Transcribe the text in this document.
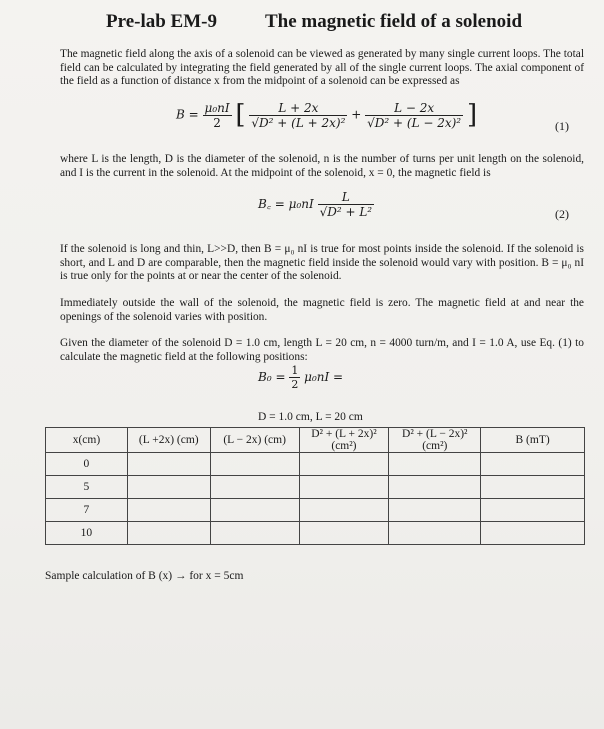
Pre-lab EM-9	The magnetic field of a solenoid
The magnetic field along the axis of a solenoid can be viewed as generated by many single current loops. The total field can be calculated by integrating the field generated by all of the single current loops. The axial component of the field as a function of distance x from the midpoint of a solenoid can be expressed as
$B = \frac{\text{μ₀nI}}{2}$ [ $\frac{L + 2x}{\text{√D² + (L + 2x)²}} + \frac{L - 2x}{\text{√D² + (L − 2x)²}}$ ]	(1)
where L is the length, D is the diameter of the solenoid, n is the number of turns per unit length on the solenoid, and I is the current in the solenoid. At the midpoint of the solenoid, x = 0, the magnetic field is
B꜀ = $\mu_0nI \frac{L}{\text{√D² + L²}}$	(2)
If the solenoid is long and thin, L>>D, then B = μ₀ nI is true for most points inside the solenoid. If the solenoid is short, and L and D are comparable, then the magnetic field inside the solenoid would vary with position. B = μ₀ nI is true only for the points at or near the center of the solenoid.
Immediately outside the wall of the solenoid, the magnetic field is zero. The magnetic field at and near the openings of the solenoid varies with position.
Given the diameter of the solenoid D = 1.0 cm, length L = 20 cm, n = 4000 turn/m, and I = 1.0 A, use Eq. (1) to calculate the magnetic field at the following positions:
$B_0 = \frac{1}{2} \mu_0nI$ =
D = 1.0 cm, L = 20 cm
x(cm)	(L +2x) (cm)	(L − 2x) (cm)	D² + (L + 2x)² (cm²)	D² + (L − 2x)² (cm²)	B (mT)
0					
5					
7					
10					
Sample calculation of B (x) → for x = 5cm
